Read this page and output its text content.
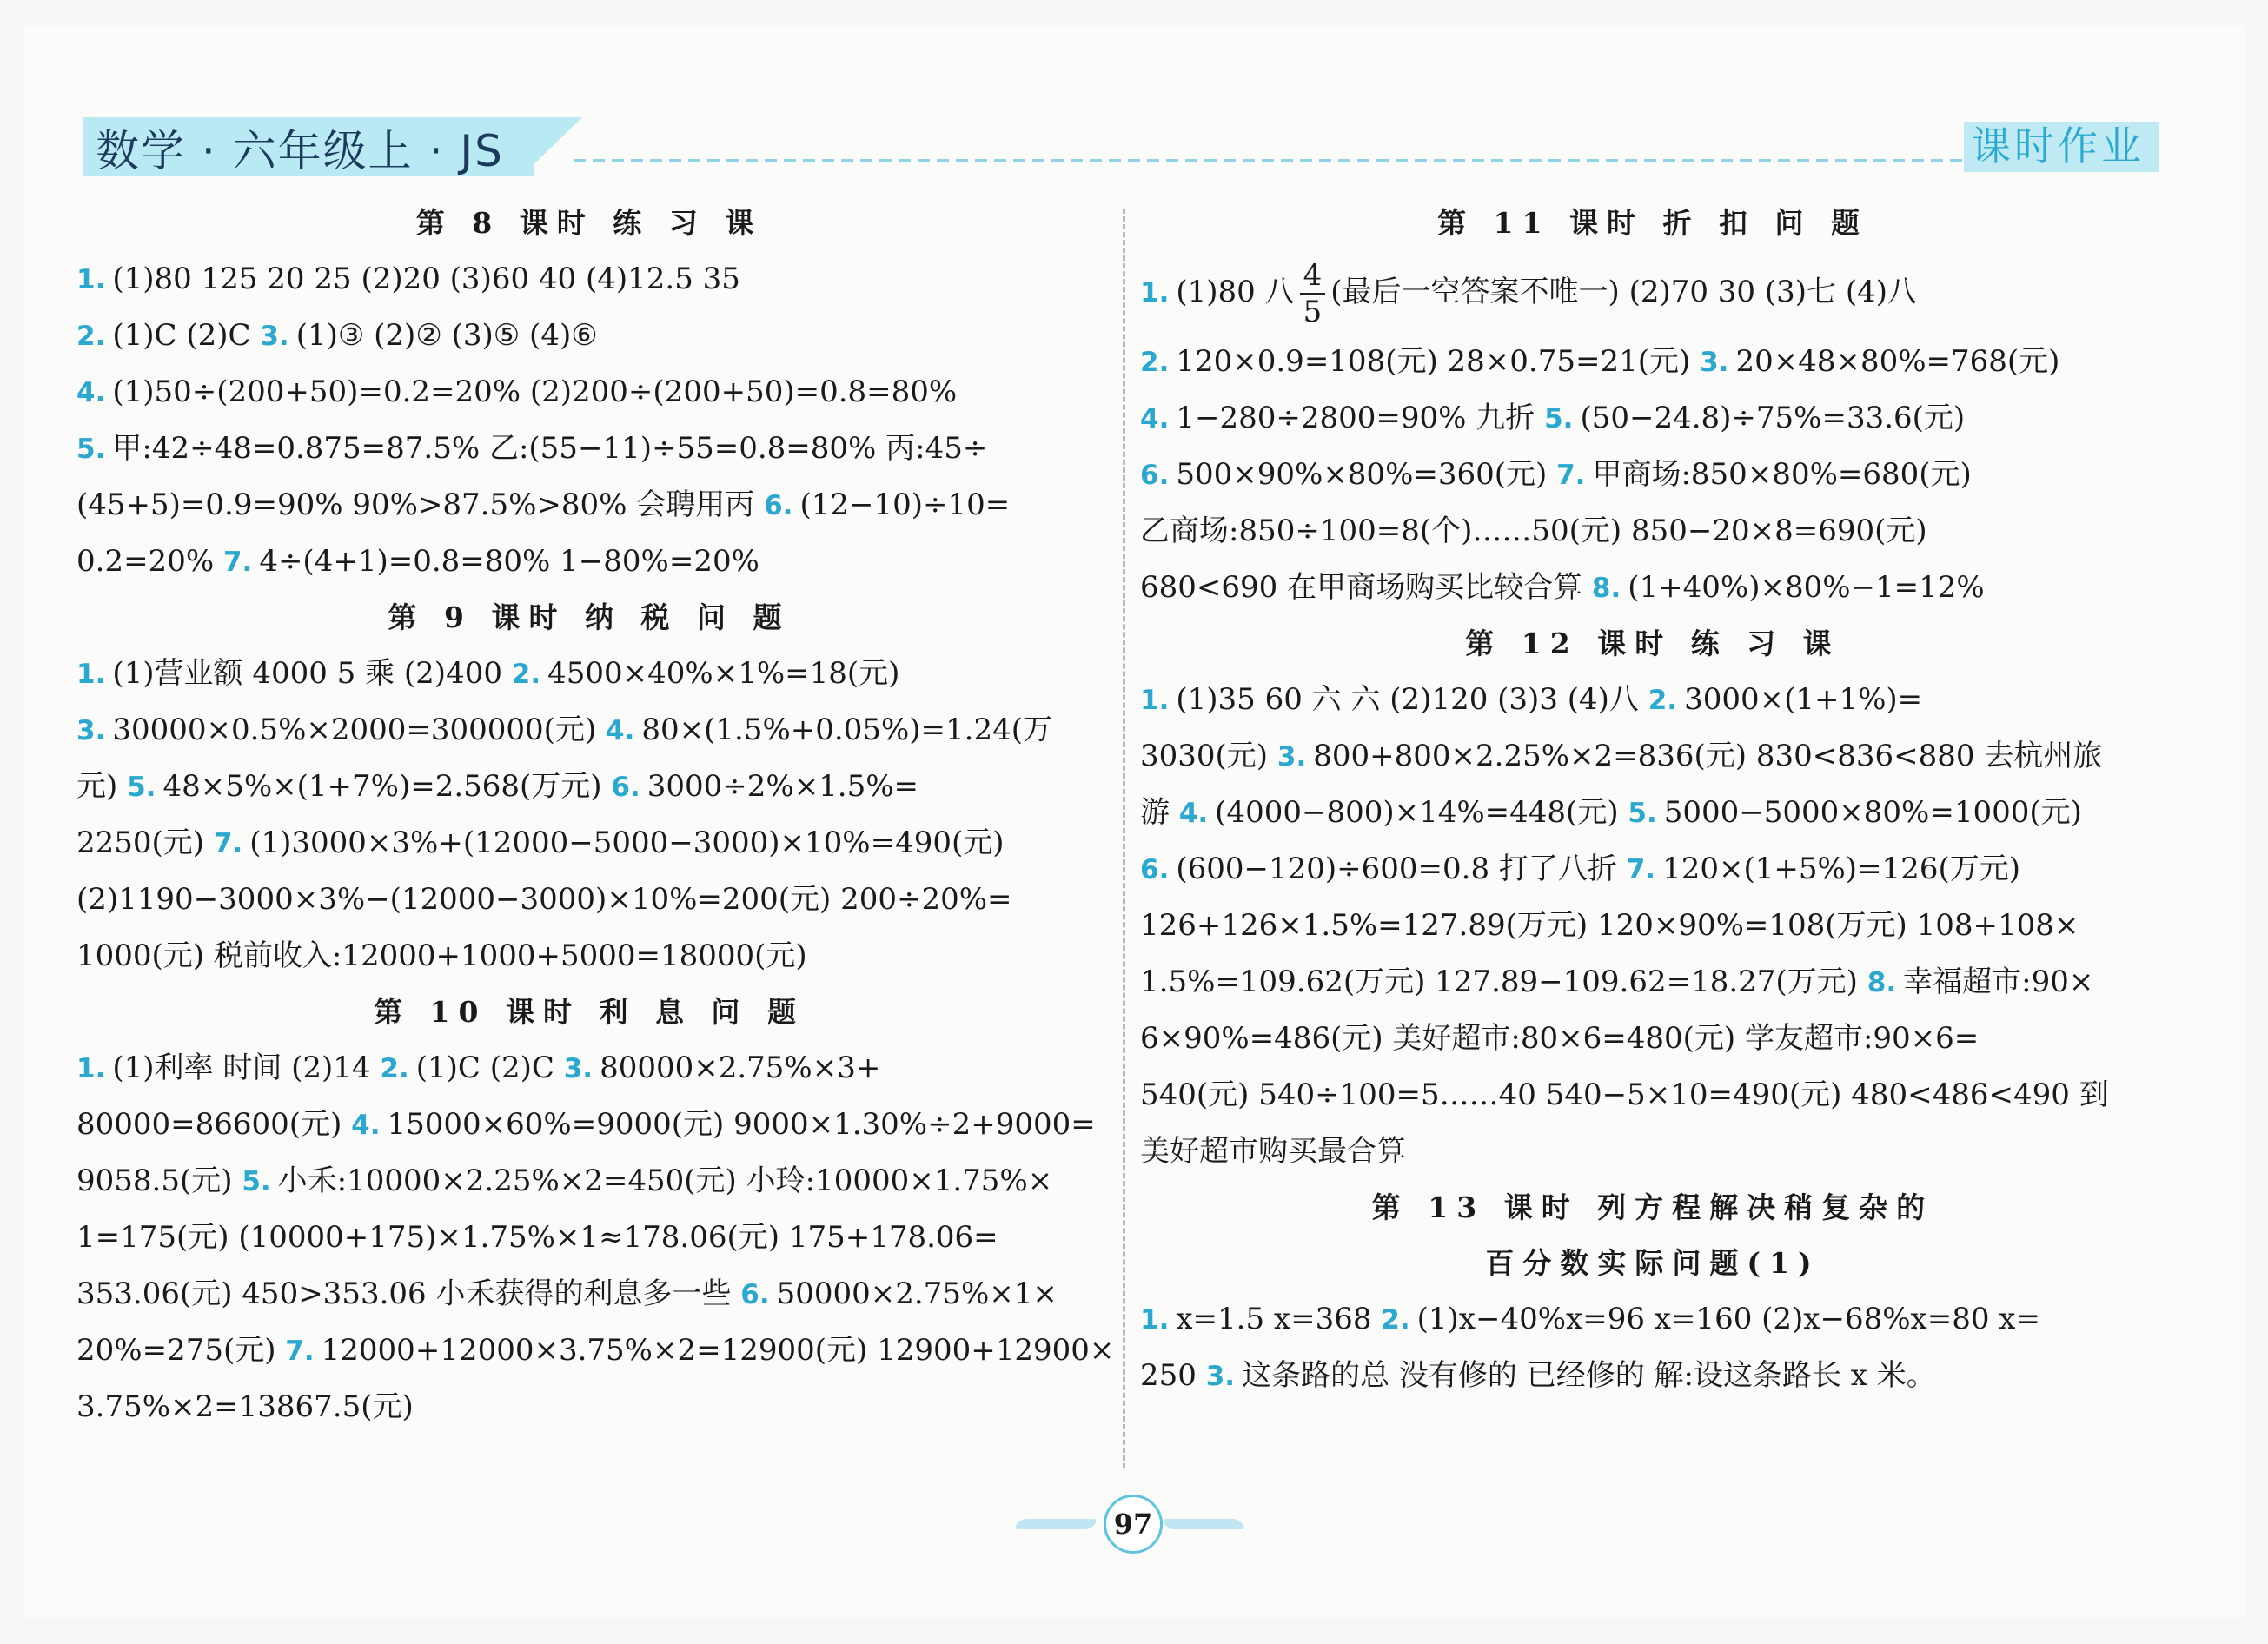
数学 · 六年级上 · JS	课时作业
第 8 课时 练 习 课
1. (1)80 125 20 25 (2)20 (3)60 40 (4)12.5 35
2. (1)C (2)C 3. (1)③ (2)② (3)⑤ (4)⑥
4. (1)50÷(200+50)=0.2=20% (2)200÷(200+50)=0.8=80%
5. 甲:42÷48=0.875=87.5% 乙:(55−11)÷55=0.8=80% 丙:45÷
(45+5)=0.9=90% 90%>87.5%>80% 会聘用丙 6. (12−10)÷10=
0.2=20% 7. 4÷(4+1)=0.8=80% 1−80%=20%
第 9 课时 纳 税 问 题
1. (1)营业额 4000 5 乘 (2)400 2. 4500×40%×1%=18(元)
3. 30000×0.5%×2000=300000(元) 4. 80×(1.5%+0.05%)=1.24(万
元) 5. 48×5%×(1+7%)=2.568(万元) 6. 3000÷2%×1.5%=
2250(元) 7. (1)3000×3%+(12000−5000−3000)×10%=490(元)
(2)1190−3000×3%−(12000−3000)×10%=200(元) 200÷20%=
1000(元) 税前收入:12000+1000+5000=18000(元)
第 10 课时 利 息 问 题
1. (1)利率 时间 (2)14 2. (1)C (2)C 3. 80000×2.75%×3+
80000=86600(元) 4. 15000×60%=9000(元) 9000×1.30%÷2+9000=
9058.5(元) 5. 小禾:10000×2.25%×2=450(元) 小玲:10000×1.75%×
1=175(元) (10000+175)×1.75%×1≈178.06(元) 175+178.06=
353.06(元) 450>353.06 小禾获得的利息多一些 6. 50000×2.75%×1×
20%=275(元) 7. 12000+12000×3.75%×2=12900(元) 12900+12900×
3.75%×2=13867.5(元)
第 11 课时 折 扣 问 题
1. (1)80 八 $\frac{4}{5}$ (最后一空答案不唯一) (2)70 30 (3)七 (4)八
2. 120×0.9=108(元) 28×0.75=21(元) 3. 20×48×80%=768(元)
4. 1−280÷2800=90% 九折 5. (50−24.8)÷75%=33.6(元)
6. 500×90%×80%=360(元) 7. 甲商场:850×80%=680(元)
乙商场:850÷100=8(个)……50(元) 850−20×8=690(元)
680<690 在甲商场购买比较合算 8. (1+40%)×80%−1=12%
第 12 课时 练 习 课
1. (1)35 60 六 六 (2)120 (3)3 (4)八 2. 3000×(1+1%)=
3030(元) 3. 800+800×2.25%×2=836(元) 830<836<880 去杭州旅
游 4. (4000−800)×14%=448(元) 5. 5000−5000×80%=1000(元)
6. (600−120)÷600=0.8 打了八折 7. 120×(1+5%)=126(万元)
126+126×1.5%=127.89(万元) 120×90%=108(万元) 108+108×
1.5%=109.62(万元) 127.89−109.62=18.27(万元) 8. 幸福超市:90×
6×90%=486(元) 美好超市:80×6=480(元) 学友超市:90×6=
540(元) 540÷100=5……40 540−5×10=490(元) 480<486<490 到
美好超市购买最合算
第 13 课时 列方程解决稍复杂的
百分数实际问题(1)
1. x=1.5 x=368 2. (1)x−40%x=96 x=160 (2)x−68%x=80 x=
250 3. 这条路的总 没有修的 已经修的 解:设这条路长 x 米。
97
